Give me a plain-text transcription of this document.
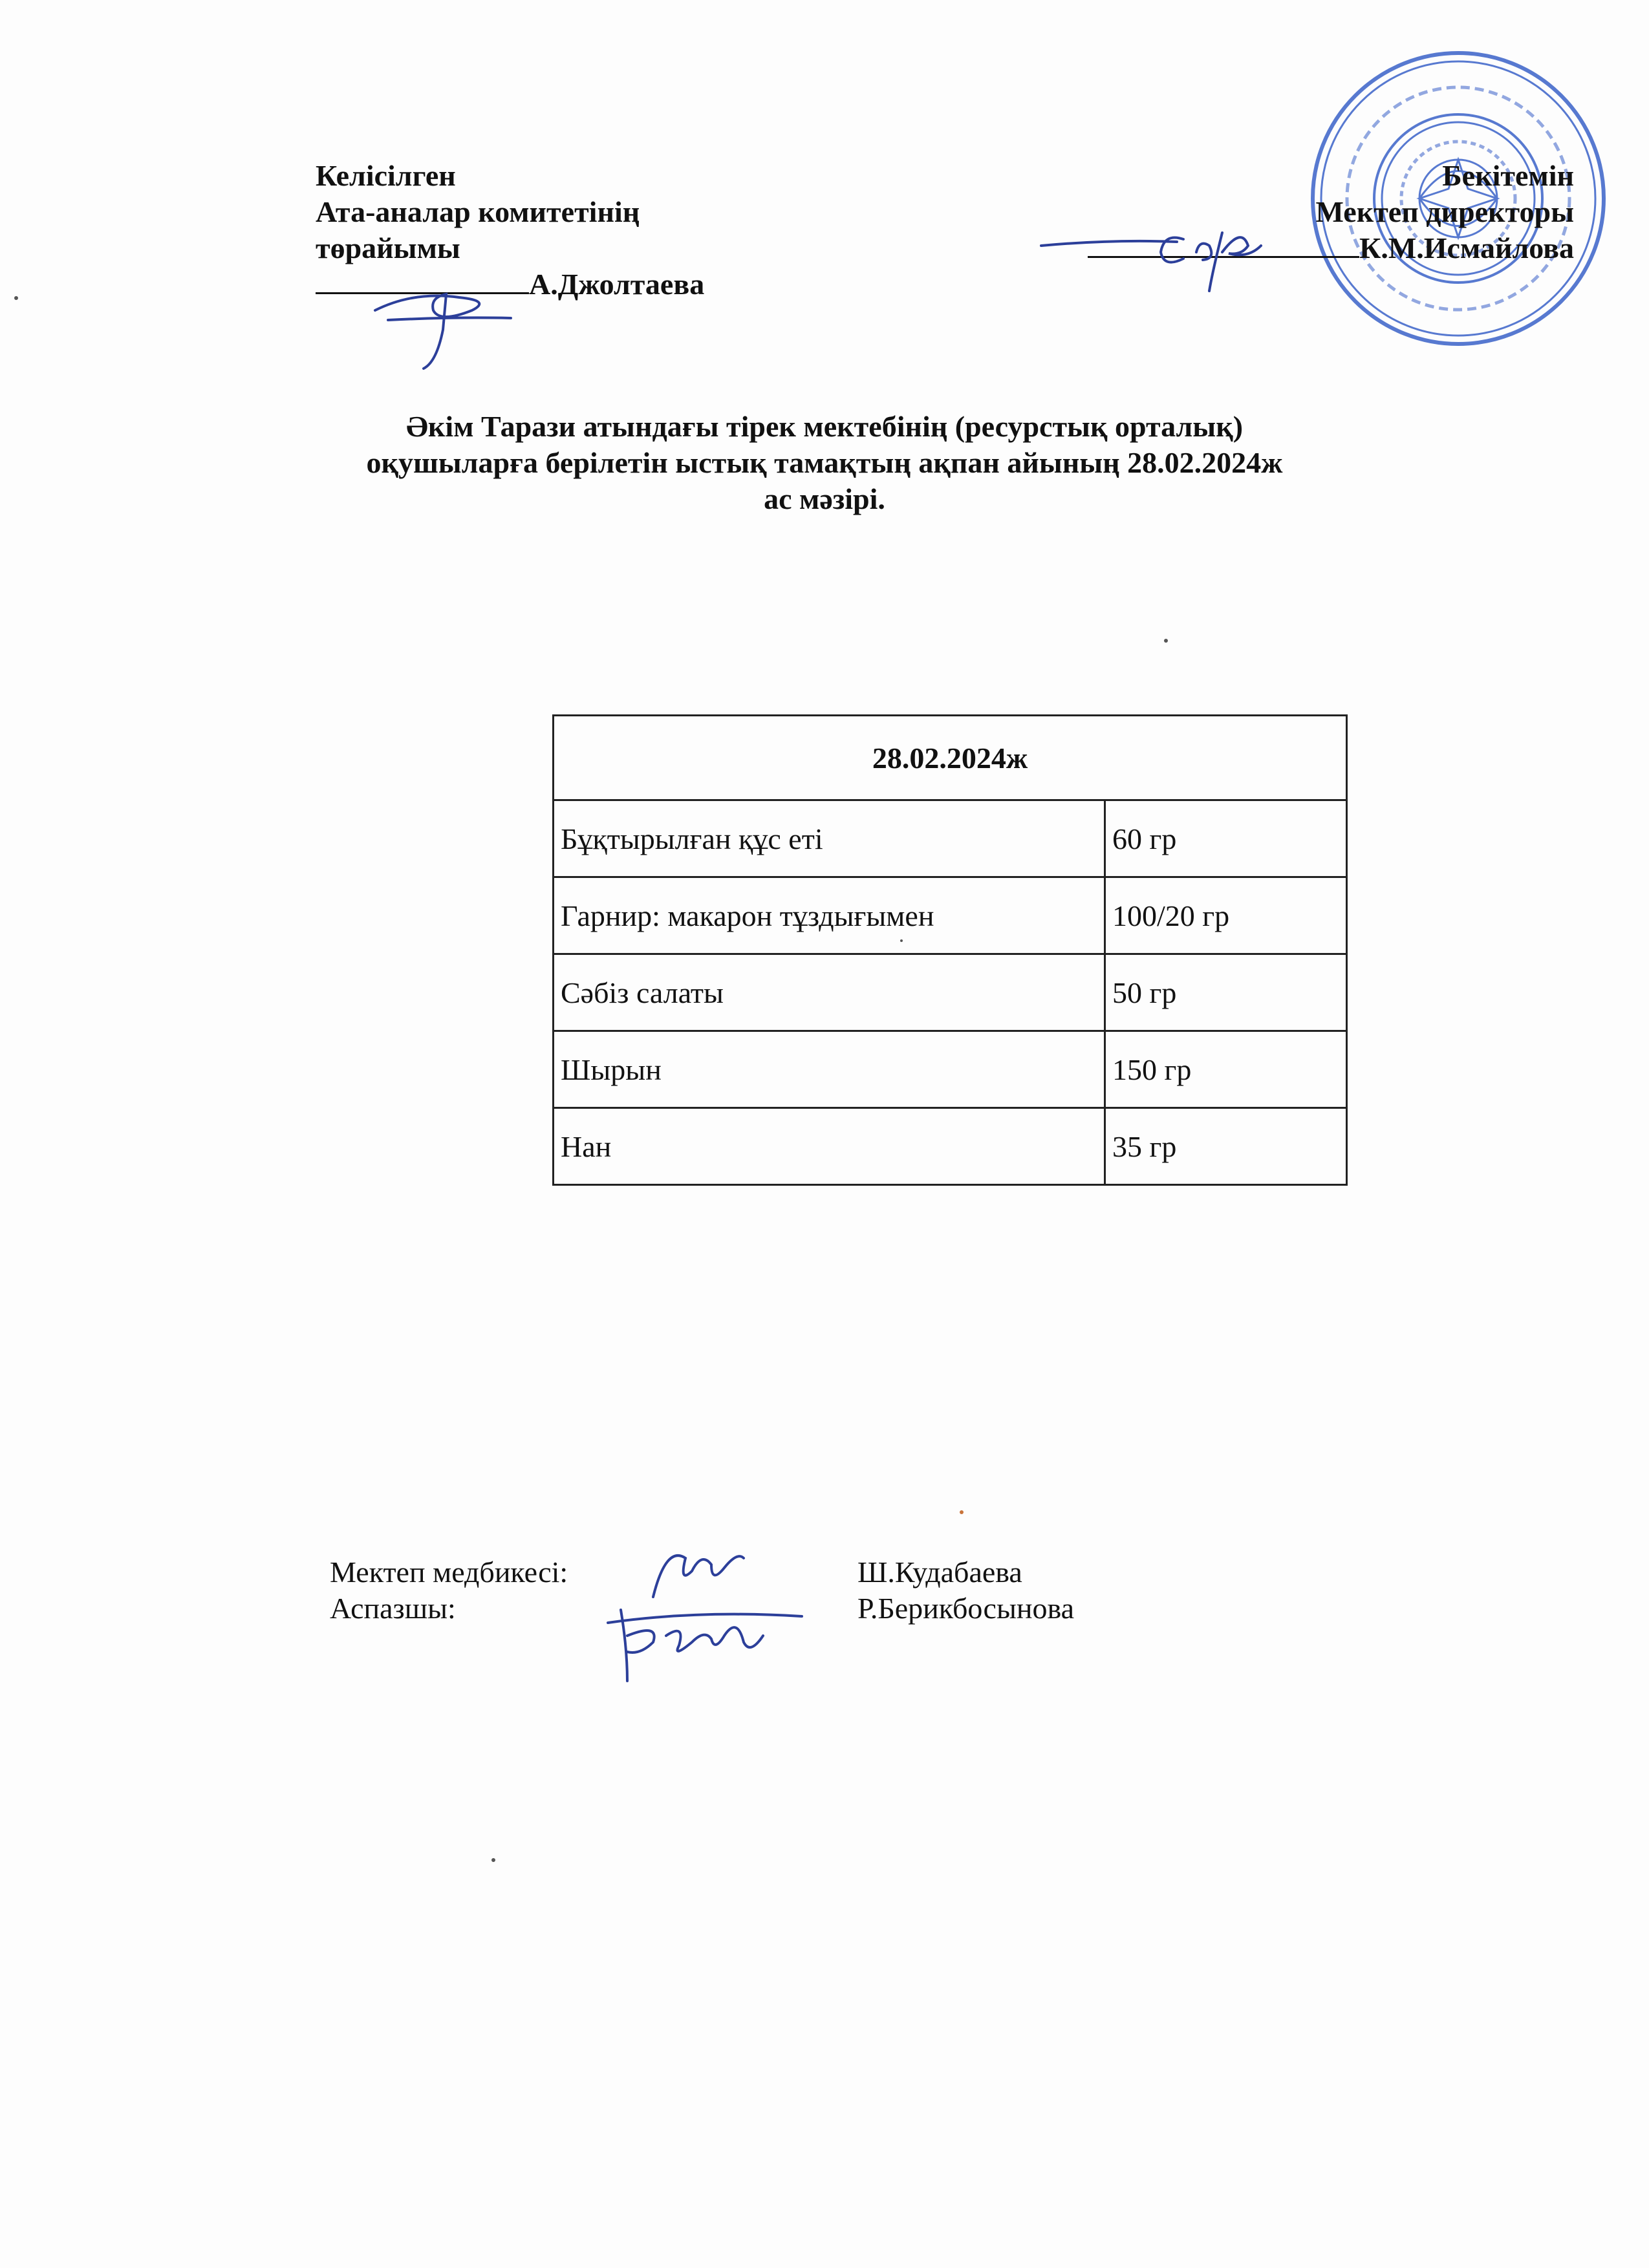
Келісілген
Ата-аналар комитетінің
төрайымы
А.Джолтаева
Бекітемін
Мектеп директоры
К.М.Исмайлова
Әкім Тарази атындағы тірек мектебінің (ресурстық орталық)
оқушыларға берілетін ыстық тамақтың ақпан айының 28.02.2024ж
ас мәзірі.
28.02.2024ж	
Бұқтырылған құс еті	60 гр
Гарнир: макарон тұздығымен	100/20 гр
Сәбіз салаты	50 гр
Шырын	150 гр
Нан	35 гр
Мектеп медбикесі:
Аспазшы:
Ш.Кудабаева
Р.Берикбосынова
